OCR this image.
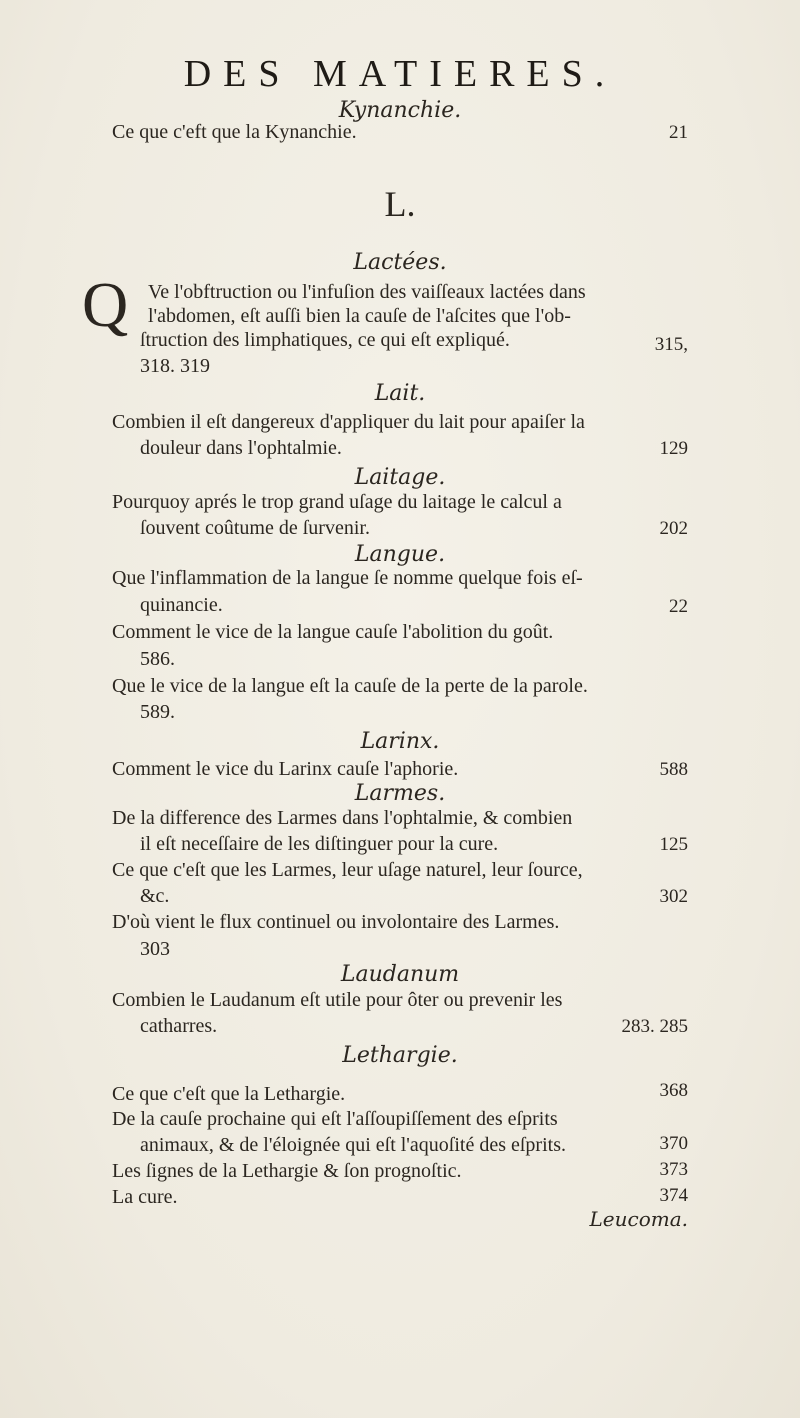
DES MATIERES.
Kynanchie.
Ce que c'eft que la Kynanchie.	21
L.
Lactées.
Q Ve l'obftruction ou l'infuſion des vaiſſeaux lactées dans
l'abdomen, eſt auſſi bien la cauſe de l'aſcites que l'ob-
ſtruction des limphatiques, ce qui eſt expliqué.	315,
318. 319
Lait.
Combien il eſt dangereux d'appliquer du lait pour apaiſer la
douleur dans l'ophtalmie.	129
Laitage.
Pourquoy aprés le trop grand uſage du laitage le calcul a
ſouvent coûtume de ſurvenir.	202
Langue.
Que l'inflammation de la langue ſe nomme quelque fois eſ-
quinancie.	22
Comment le vice de la langue cauſe l'abolition du goût.
586.
Que le vice de la langue eſt la cauſe de la perte de la parole.
589.
Larinx.
Comment le vice du Larinx cauſe l'aphorie.	588
Larmes.
De la difference des Larmes dans l'ophtalmie, & combien
il eſt neceſſaire de les diſtinguer pour la cure.	125
Ce que c'eſt que les Larmes, leur uſage naturel, leur ſource,
&c.	302
D'où vient le flux continuel ou involontaire des Larmes.
303
Laudanum
Combien le Laudanum eſt utile pour ôter ou prevenir les
catharres.	283. 285
Lethargie.
Ce que c'eſt que la Lethargie.	368
De la cauſe prochaine qui eſt l'aſſoupiſſement des eſprits
animaux, & de l'éloignée qui eſt l'aquoſité des eſprits.	370
Les ſignes de la Lethargie & ſon prognoſtic.	373
La cure.	374
Leucoma.
